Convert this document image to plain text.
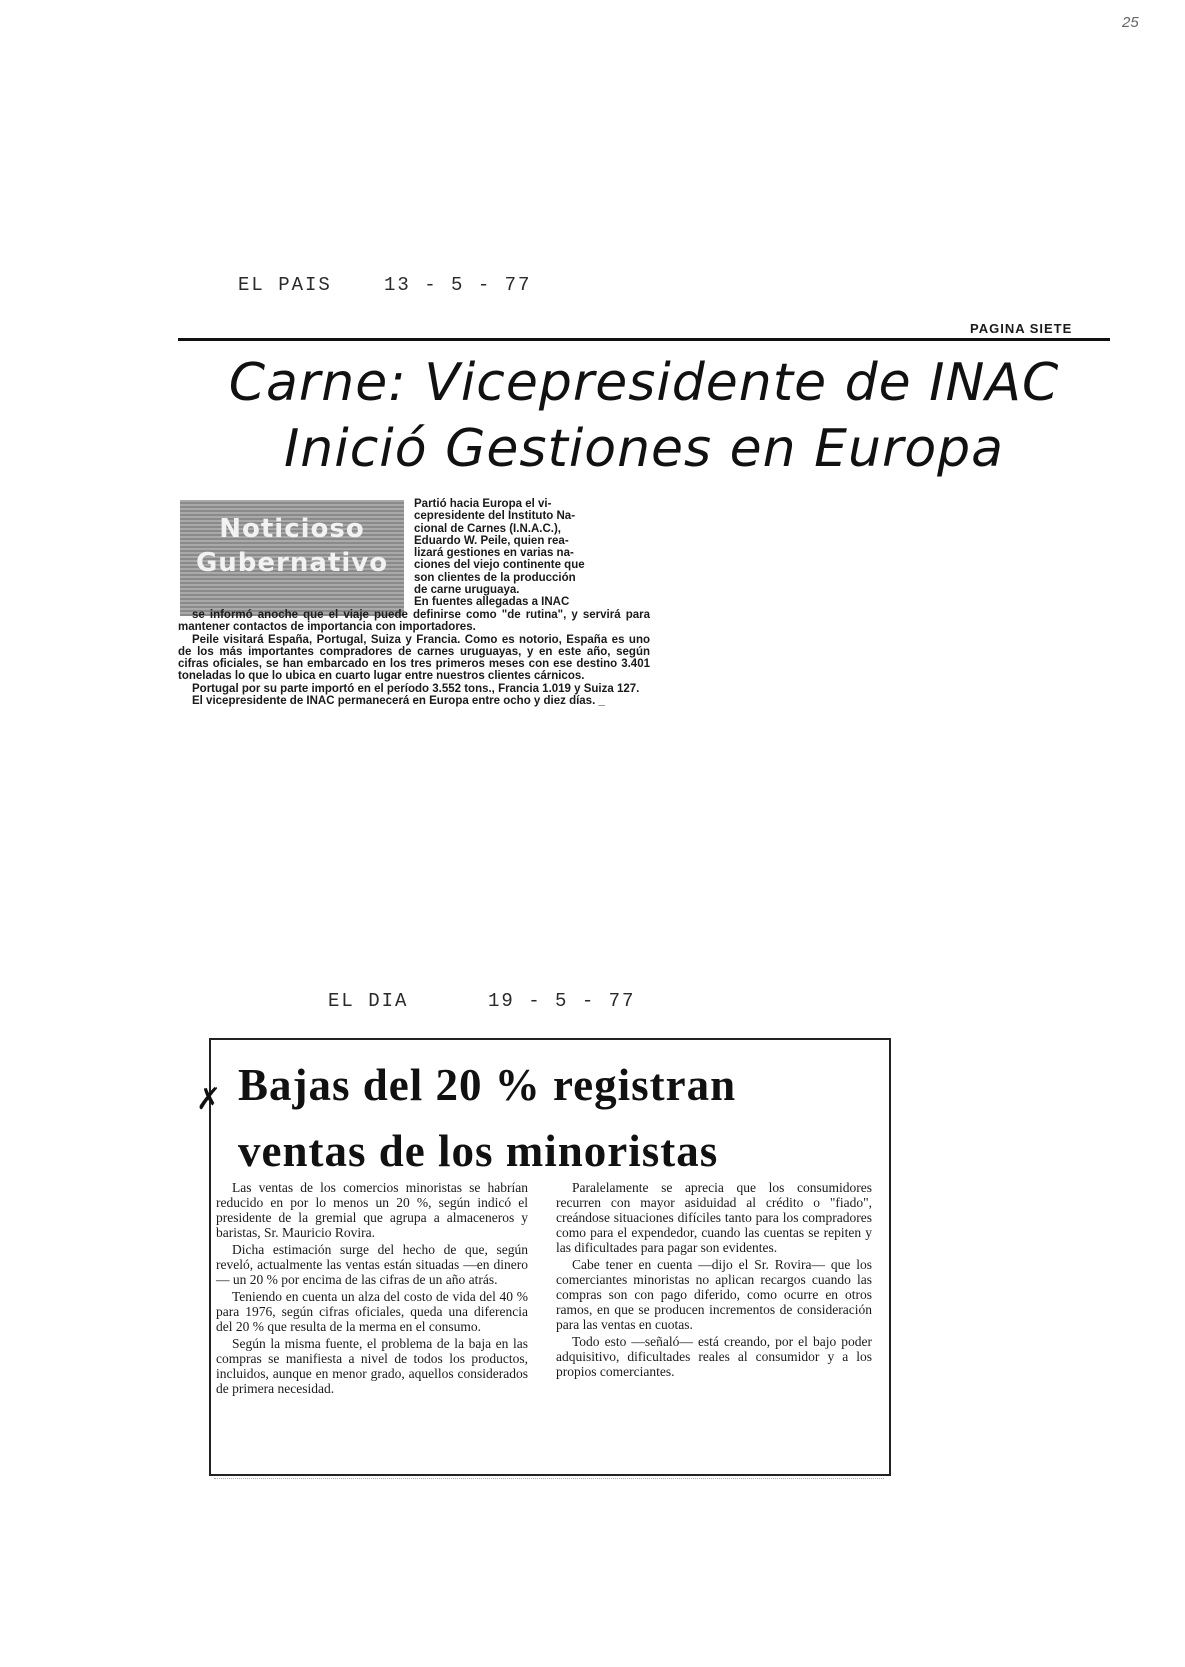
25
EL PAIS	13 - 5 - 77
PAGINA SIETE
Carne: Vicepresidente de INAC
Inició Gestiones en Europa
Noticioso
Gubernativo
Partió hacia Europa el vi-
cepresidente del Instituto Na-
cional de Carnes (I.N.A.C.),
Eduardo W. Peile, quien rea-
lizará gestiones en varias na-
ciones del viejo continente que
son clientes de la producción
de carne uruguaya.
En fuentes allegadas a INAC

se informó anoche que el viaje puede definirse como "de rutina", y servirá para mantener contactos de importancia con importadores.

Peile visitará España, Portugal, Suiza y Francia. Como es notorio, España es uno de los más importantes compradores de carnes uruguayas, y en este año, según cifras oficiales, se han embarcado en los tres primeros meses con ese destino 3.401 toneladas lo que lo ubica en cuarto lugar entre nuestros clientes cárnicos.

Portugal por su parte importó en el período 3.552 tons., Francia 1.019 y Suiza 127.

El vicepresidente de INAC permanecerá en Europa entre ocho y diez días. _

EL DIA	19 - 5 - 77
✗ Bajas del 20 % registran
ventas de los minoristas

Las ventas de los comercios minoristas se habrían reducido en por lo menos un 20 %, según indicó el presidente de la gremial que agrupa a almaceneros y baristas, Sr. Mauricio Rovira.

Dicha estimación surge del hecho de que, según reveló, actualmente las ventas están situadas —en dinero— un 20 % por encima de las cifras de un año atrás.

Teniendo en cuenta un alza del costo de vida del 40 % para 1976, según cifras oficiales, queda una diferencia del 20 % que resulta de la merma en el consumo.

Según la misma fuente, el problema de la baja en las compras se manifiesta a nivel de todos los productos, incluidos, aunque en menor grado, aquellos considerados de primera necesidad.

Paralelamente se aprecia que los consumidores recurren con mayor asiduidad al crédito o "fiado", creándose situaciones difíciles tanto para los compradores como para el expendedor, cuando las cuentas se repiten y las dificultades para pagar son evidentes.

Cabe tener en cuenta —dijo el Sr. Rovira— que los comerciantes minoristas no aplican recargos cuando las compras son con pago diferido, como ocurre en otros ramos, en que se producen incrementos de consideración para las ventas en cuotas.

Todo esto —señaló— está creando, por el bajo poder adquisitivo, dificultades reales al consumidor y a los propios comerciantes.
